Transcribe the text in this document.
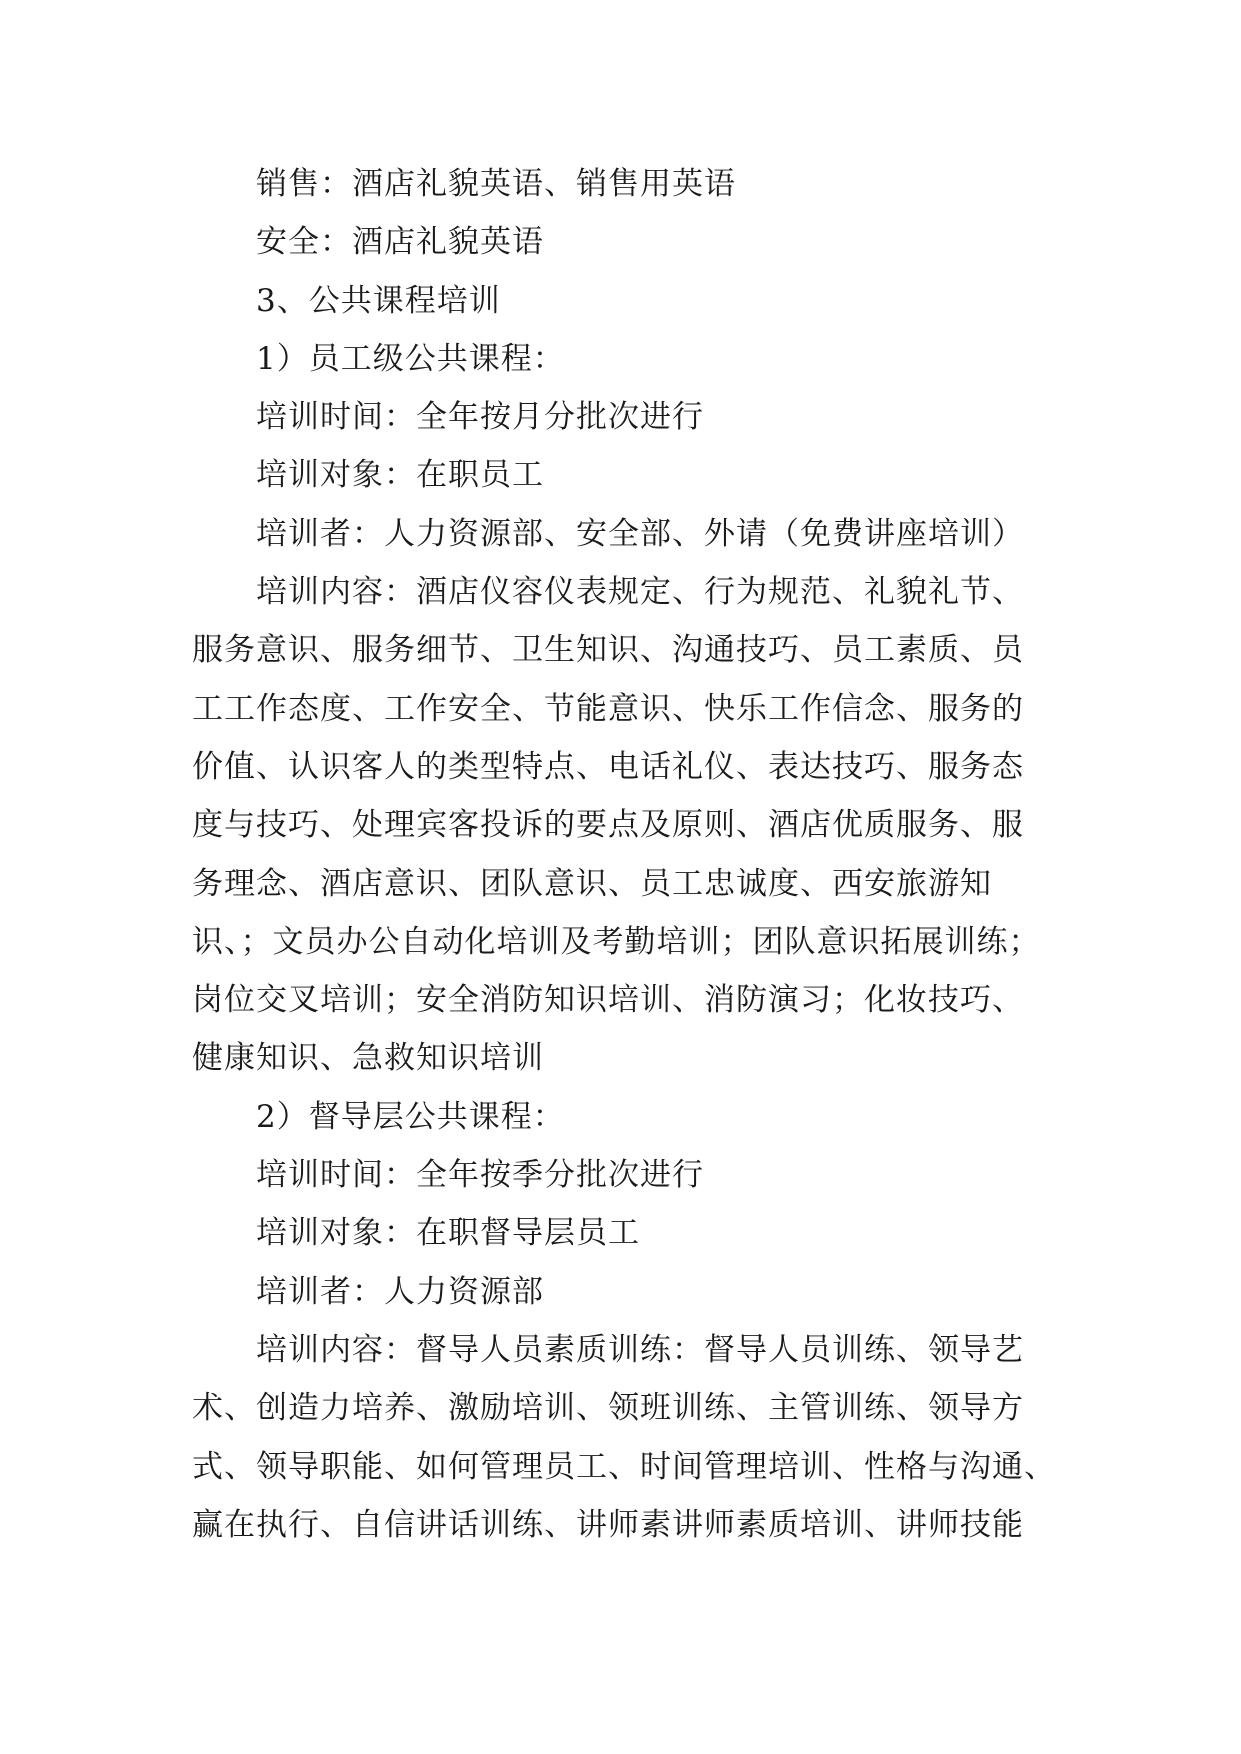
销售：酒店礼貌英语、销售用英语
安全：酒店礼貌英语
3、公共课程培训
1）员工级公共课程：
培训时间：全年按月分批次进行
培训对象：在职员工
培训者：人力资源部、安全部、外请（免费讲座培训）
培训内容：酒店仪容仪表规定、行为规范、礼貌礼节、
服务意识、服务细节、卫生知识、沟通技巧、员工素质、员
工工作态度、工作安全、节能意识、快乐工作信念、服务的
价值、认识客人的类型特点、电话礼仪、表达技巧、服务态
度与技巧、处理宾客投诉的要点及原则、酒店优质服务、服
务理念、酒店意识、团队意识、员工忠诚度、西安旅游知
识、；文员办公自动化培训及考勤培训；团队意识拓展训练；
岗位交叉培训；安全消防知识培训、消防演习；化妆技巧、
健康知识、急救知识培训
2）督导层公共课程：
培训时间：全年按季分批次进行
培训对象：在职督导层员工
培训者：人力资源部
培训内容：督导人员素质训练：督导人员训练、领导艺
术、创造力培养、激励培训、领班训练、主管训练、领导方
式、领导职能、如何管理员工、时间管理培训、性格与沟通、
赢在执行、自信讲话训练、讲师素讲师素质培训、讲师技能
